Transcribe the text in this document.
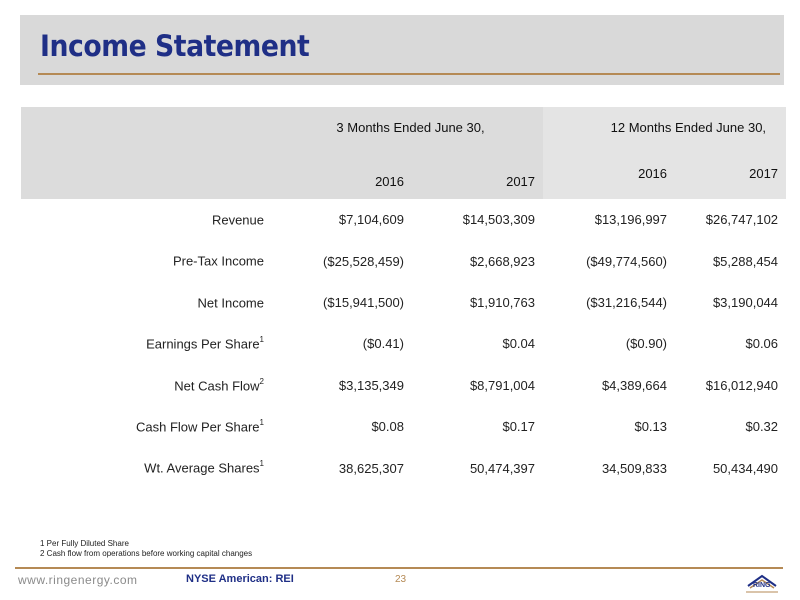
Income Statement
	3 Months Ended June 30,		12 Months Ended June 30,	
	2016	2017	2016	2017
Revenue	$7,104,609	$14,503,309	$13,196,997	$26,747,102
Pre-Tax Income	($25,528,459)	$2,668,923	($49,774,560)	$5,288,454
Net Income	($15,941,500)	$1,910,763	($31,216,544)	$3,190,044
Earnings Per Share$^1$	($0.41)	$0.04	($0.90)	$0.06
Net Cash Flow$^2$	$3,135,349	$8,791,004	$4,389,664	$16,012,940
Cash Flow Per Share$^1$	$0.08	$0.17	$0.13	$0.32
Wt. Average Shares$^1$	38,625,307	50,474,397	34,509,833	50,434,490
1 Per Fully Diluted Share
2 Cash flow from operations before working capital changes
www.ringenergy.com	NYSE American: REI	23
RING
